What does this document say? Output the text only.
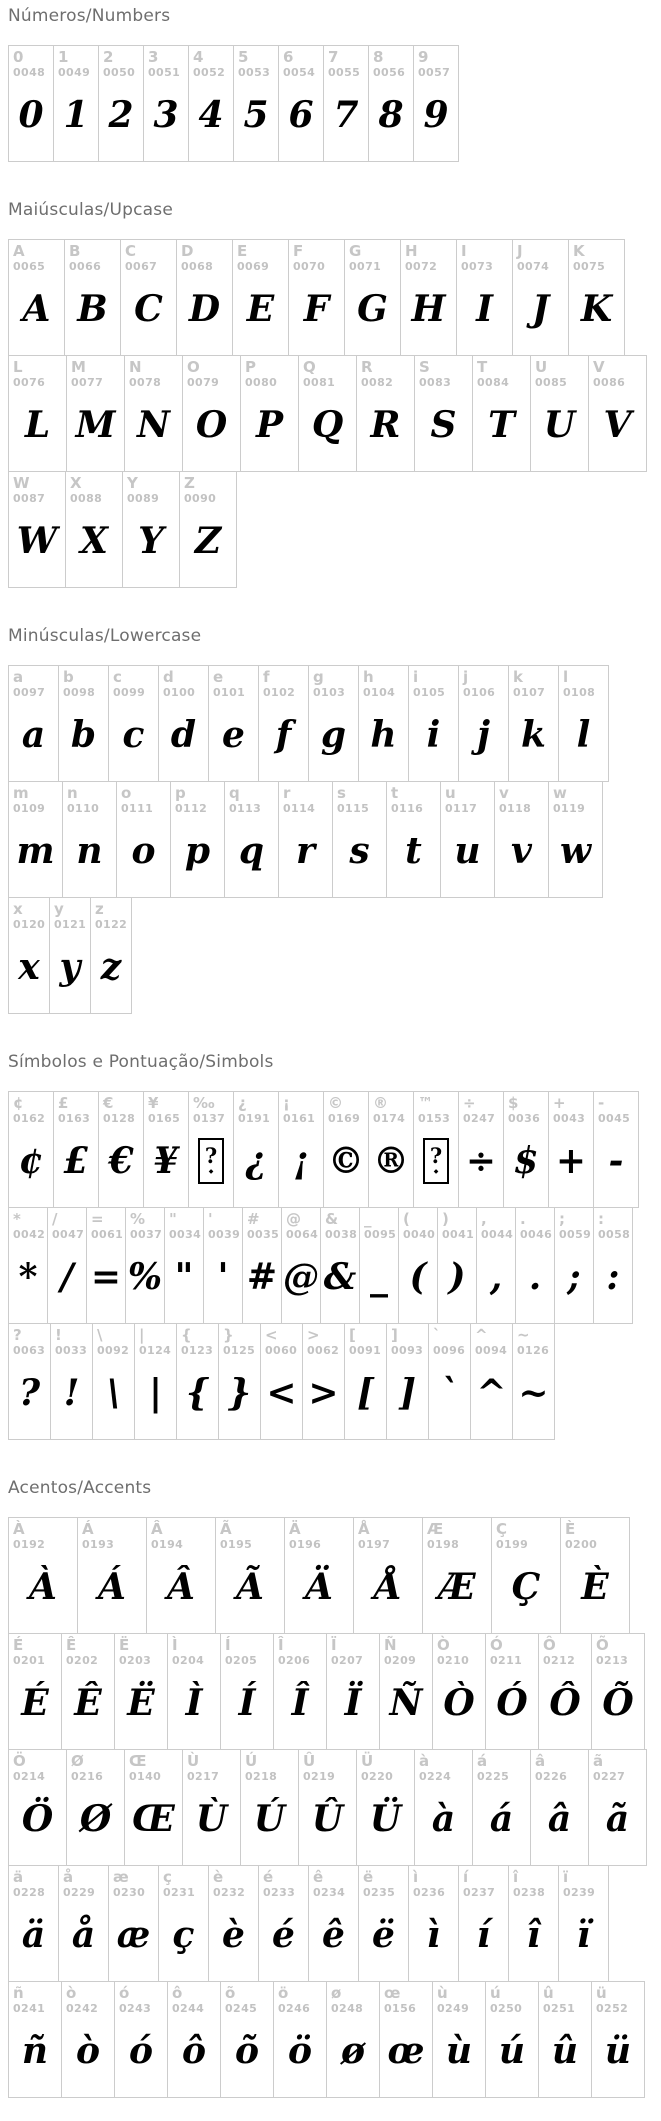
Números/Numbers
0
0048
0
1
0049
1
2
0050
2
3
0051
3
4
0052
4
5
0053
5
6
0054
6
7
0055
7
8
0056
8
9
0057
9
Maiúsculas/Upcase
A
0065
A
B
0066
B
C
0067
C
D
0068
D
E
0069
E
F
0070
F
G
0071
G
H
0072
H
I
0073
I
J
0074
J
K
0075
K
L
0076
L
M
0077
M
N
0078
N
O
0079
O
P
0080
P
Q
0081
Q
R
0082
R
S
0083
S
T
0084
T
U
0085
U
V
0086
V
W
0087
W
X
0088
X
Y
0089
Y
Z
0090
Z
Minúsculas/Lowercase
a
0097
a
b
0098
b
c
0099
c
d
0100
d
e
0101
e
f
0102
f
g
0103
g
h
0104
h
i
0105
i
j
0106
j
k
0107
k
l
0108
l
m
0109
m
n
0110
n
o
0111
o
p
0112
p
q
0113
q
r
0114
r
s
0115
s
t
0116
t
u
0117
u
v
0118
v
w
0119
w
x
0120
x
y
0121
y
z
0122
z
Símbolos e Pontuação/Simbols
¢
0162
¢
£
0163
£
€
0128
€
¥
0165
¥
‰
0137
? ◆
¿
0191
¿
¡
0161
¡
©
0169
©
®
0174
®
™
0153
? ◆
÷
0247
÷
$
0036
$
+
0043
+
-
0045
-
*
0042
*
/
0047
/
=
0061
=
%
0037
%
"
0034
"
'
0039
'
#
0035
#
@
0064
@
&
0038
&
_
0095
_
(
0040
(
)
0041
)
,
0044
,
.
0046
.
;
0059
;
:
0058
:
?
0063
?
!
0033
!
\
0092
\
|
0124
|
{
0123
{
}
0125
}
<
0060
<
>
0062
>
[
0091
[
]
0093
]
`
0096
`
^
0094
^
~
0126
~
Acentos/Accents
À
0192
À
Á
0193
Á
Â
0194
Â
Ã
0195
Ã
Ä
0196
Ä
Å
0197
Å
Æ
0198
Æ
Ç
0199
Ç
È
0200
È
É
0201
É
Ê
0202
Ê
Ë
0203
Ë
Ì
0204
Ì
Í
0205
Í
Î
0206
Î
Ï
0207
Ï
Ñ
0209
Ñ
Ò
0210
Ò
Ó
0211
Ó
Ô
0212
Ô
Õ
0213
Õ
Ö
0214
Ö
Ø
0216
Ø
Œ
0140
Œ
Ù
0217
Ù
Ú
0218
Ú
Û
0219
Û
Ü
0220
Ü
à
0224
à
á
0225
á
â
0226
â
ã
0227
ã
ä
0228
ä
å
0229
å
æ
0230
æ
ç
0231
ç
è
0232
è
é
0233
é
ê
0234
ê
ë
0235
ë
ì
0236
ì
í
0237
í
î
0238
î
ï
0239
ï
ñ
0241
ñ
ò
0242
ò
ó
0243
ó
ô
0244
ô
õ
0245
õ
ö
0246
ö
ø
0248
ø
œ
0156
œ
ù
0249
ù
ú
0250
ú
û
0251
û
ü
0252
ü
